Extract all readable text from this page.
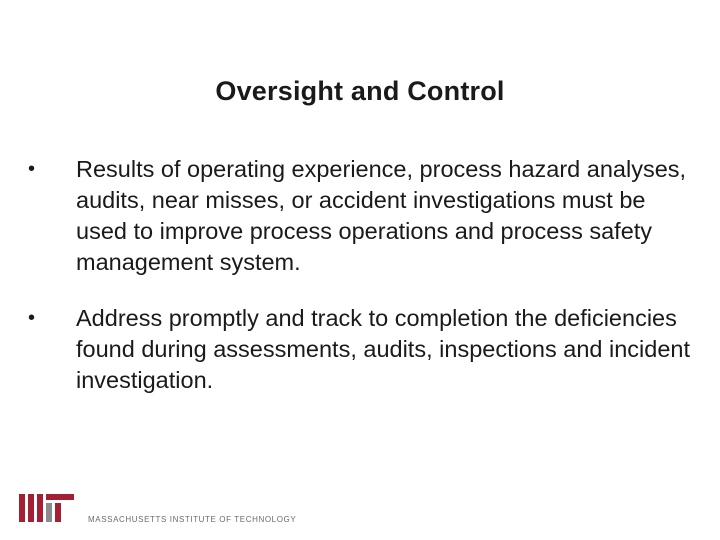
Oversight and Control
•	Results of operating experience, process hazard analyses, audits, near misses, or accident investigations must be used to improve process operations and process safety management system.
•	Address promptly and track to completion the deficiencies found during assessments, audits, inspections and incident investigation.
MASSACHUSETTS INSTITUTE OF TECHNOLOGY
